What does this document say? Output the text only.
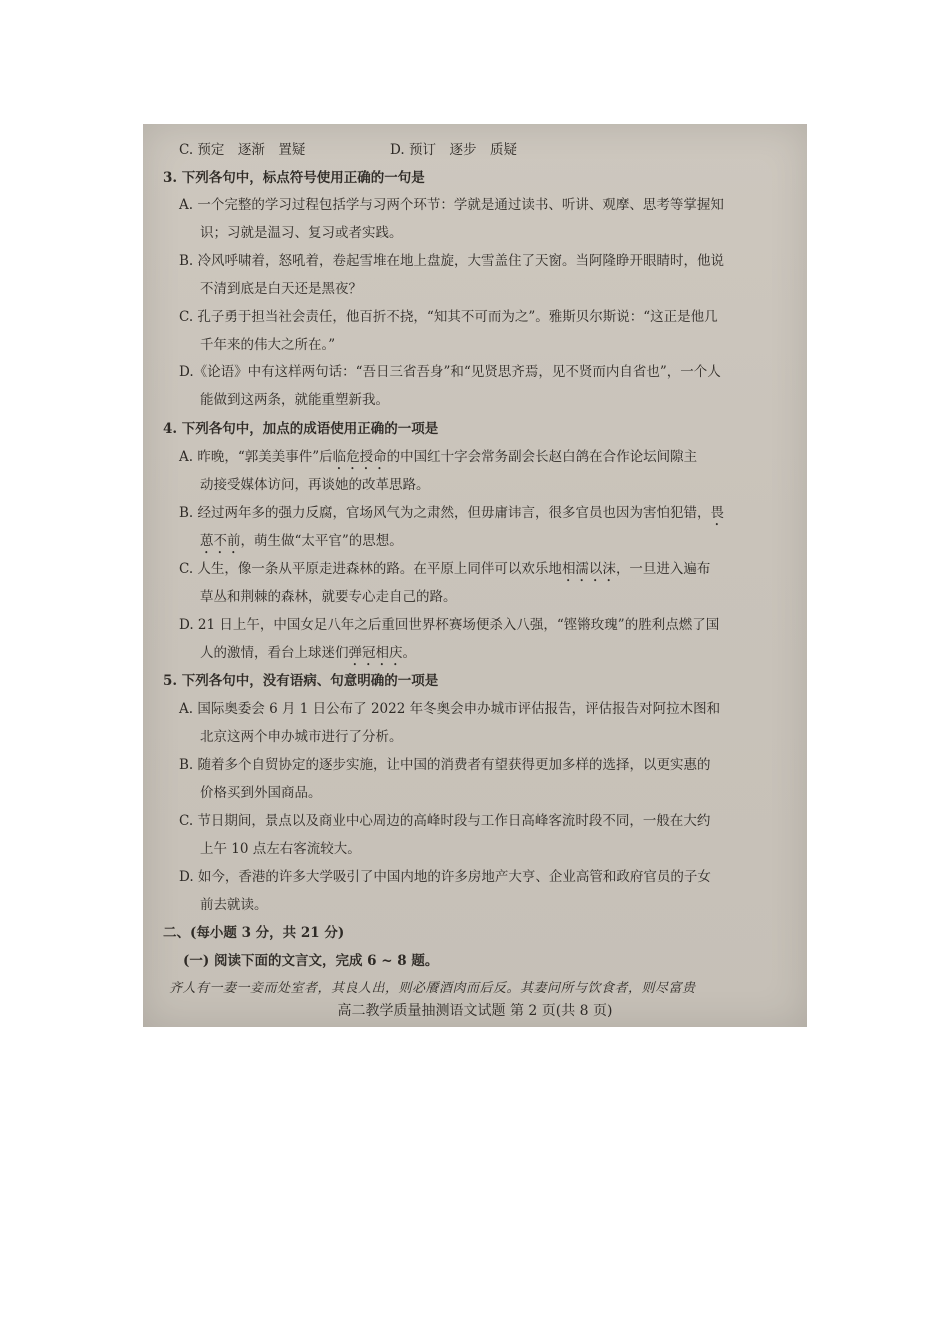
C. 预定　逐渐　置疑	D. 预订　逐步　质疑
3. 下列各句中，标点符号使用正确的一句是
A. 一个完整的学习过程包括学与习两个环节：学就是通过读书、听讲、观摩、思考等掌握知
识；习就是温习、复习或者实践。
B. 冷风呼啸着，怒吼着，卷起雪堆在地上盘旋，大雪盖住了天窗。当阿隆睁开眼睛时，他说
不清到底是白天还是黑夜？
C. 孔子勇于担当社会责任，他百折不挠，“知其不可而为之”。雅斯贝尔斯说：“这正是他几
千年来的伟大之所在。”
D.《论语》中有这样两句话：“吾日三省吾身”和“见贤思齐焉，见不贤而内自省也”，一个人
能做到这两条，就能重塑新我。
4. 下列各句中，加点的成语使用正确的一项是
A. 昨晚，“郭美美事件”后临危授命的中国红十字会常务副会长赵白鸽在合作论坛间隙主
动接受媒体访问，再谈她的改革思路。
B. 经过两年多的强力反腐，官场风气为之肃然，但毋庸讳言，很多官员也因为害怕犯错，畏
葸不前，萌生做“太平官”的思想。
C. 人生，像一条从平原走进森林的路。在平原上同伴可以欢乐地相濡以沫，一旦进入遍布
草丛和荆棘的森林，就要专心走自己的路。
D. 21 日上午，中国女足八年之后重回世界杯赛场便杀入八强，“铿锵玫瑰”的胜利点燃了国
人的激情，看台上球迷们弹冠相庆。
5. 下列各句中，没有语病、句意明确的一项是
A. 国际奥委会 6 月 1 日公布了 2022 年冬奥会申办城市评估报告，评估报告对阿拉木图和
北京这两个申办城市进行了分析。
B. 随着多个自贸协定的逐步实施，让中国的消费者有望获得更加多样的选择，以更实惠的
价格买到外国商品。
C. 节日期间，景点以及商业中心周边的高峰时段与工作日高峰客流时段不同，一般在大约
上午 10 点左右客流较大。
D. 如今，香港的许多大学吸引了中国内地的许多房地产大亨、企业高管和政府官员的子女
前去就读。
二、(每小题 3 分，共 21 分)
(一) 阅读下面的文言文，完成 6 ~ 8 题。
齐人有一妻一妾而处室者，其良人出，则必餍酒肉而后反。其妻问所与饮食者，则尽富贵
高二教学质量抽测语文试题 第 2 页(共 8 页)
